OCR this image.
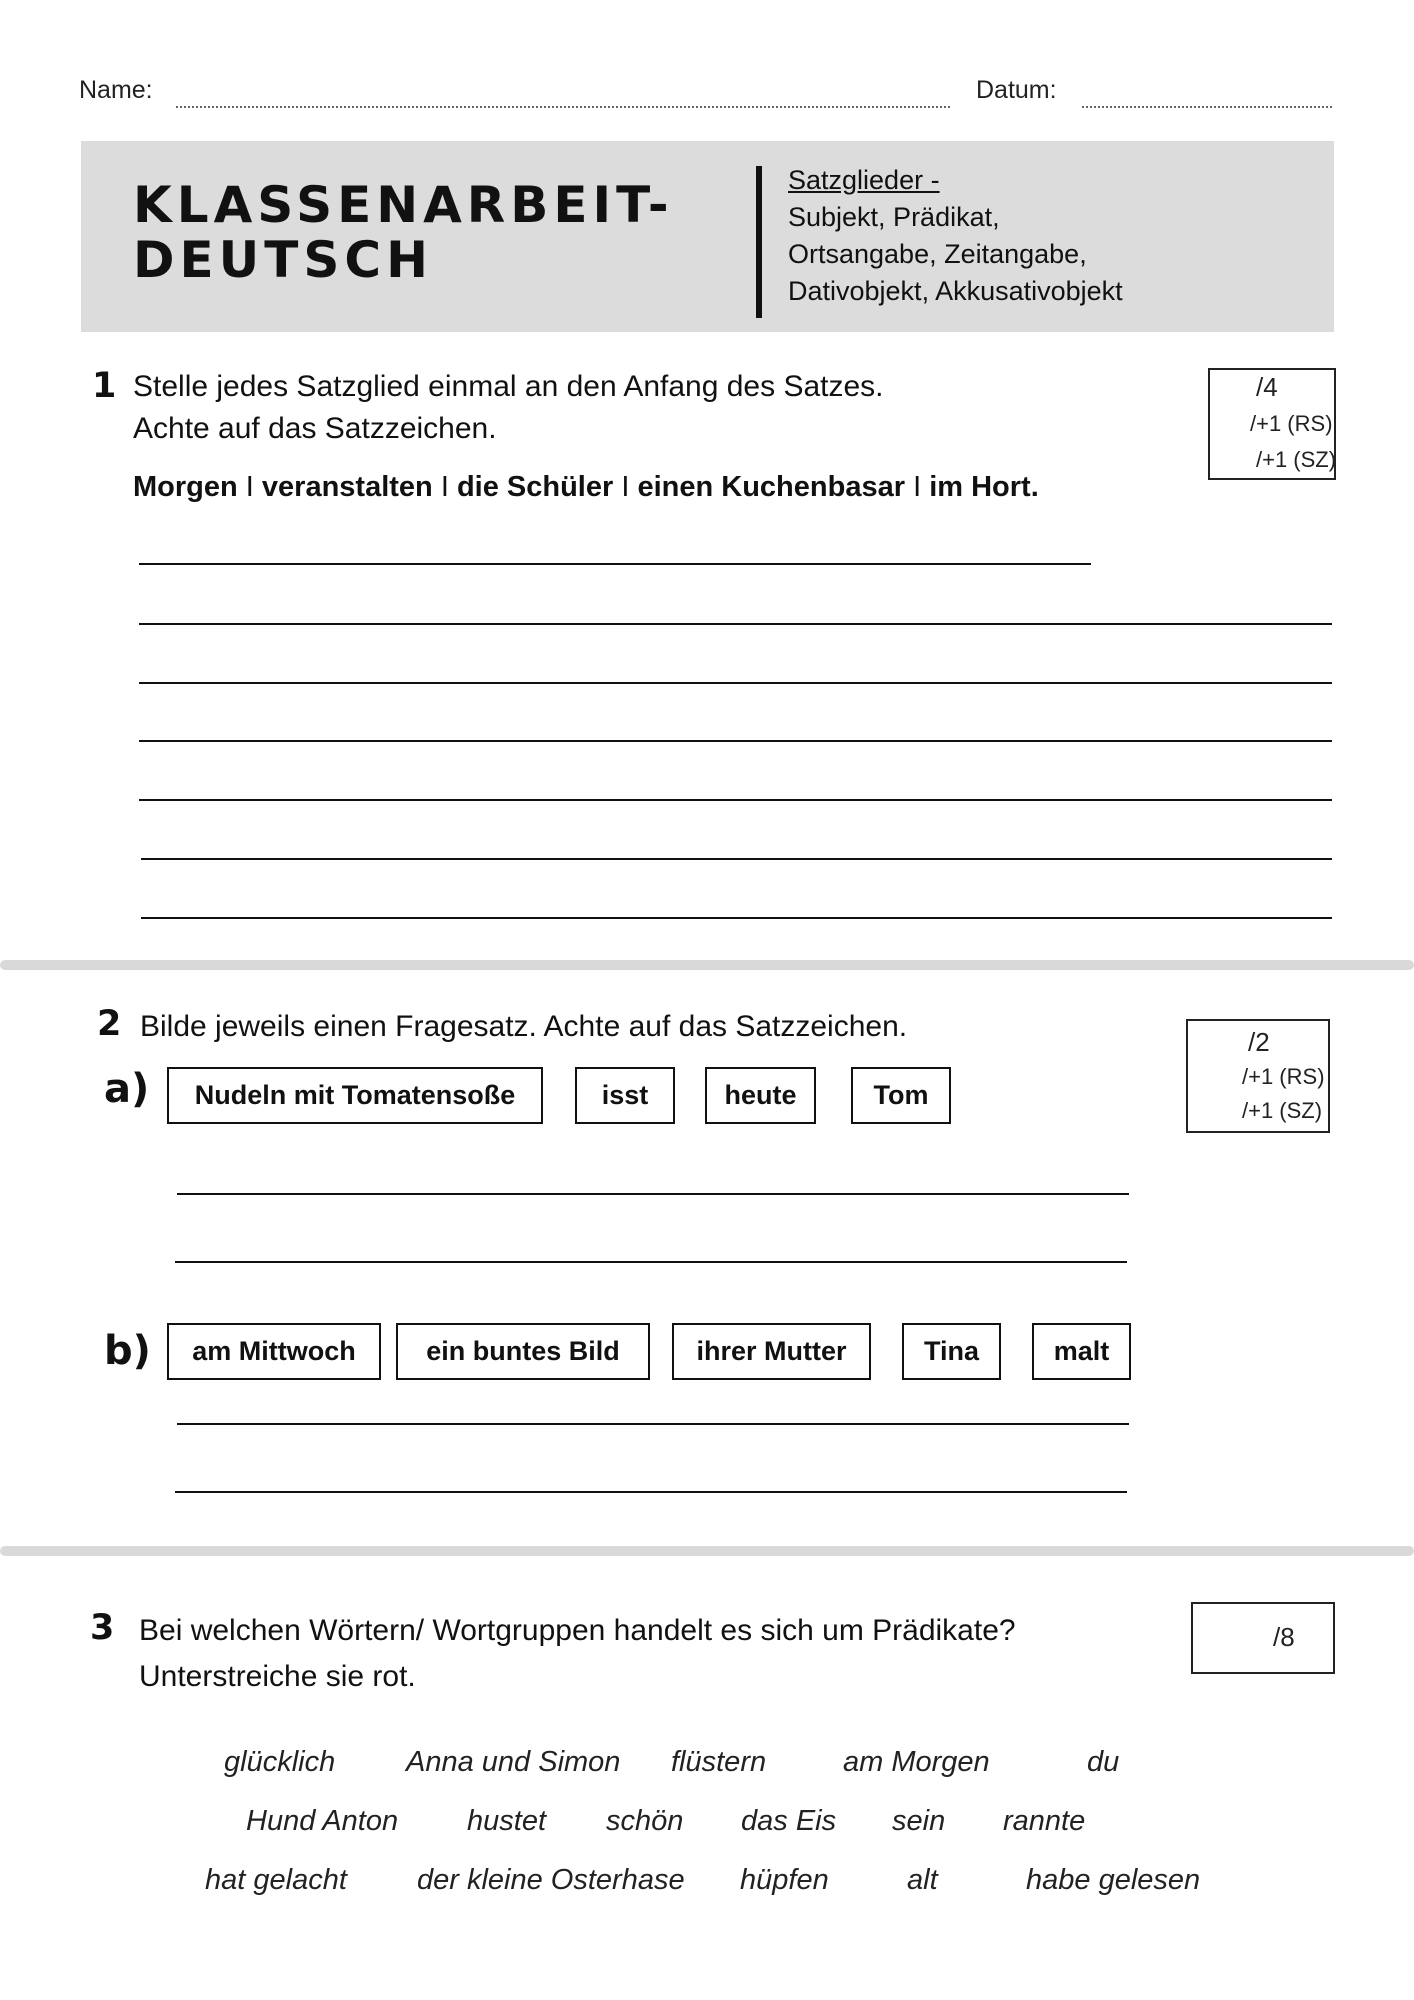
Name:	Datum:
KLASSENARBEIT-
DEUTSCH
Satzglieder -
Subjekt, Prädikat,
Ortsangabe, Zeitangabe,
Dativobjekt, Akkusativobjekt
1 Stelle jedes Satzglied einmal an den Anfang des Satzes.
Achte auf das Satzzeichen.
Morgen I veranstalten I die Schüler I einen Kuchenbasar I im Hort.
/4
/+1 (RS)
/+1 (SZ)
2 Bilde jeweils einen Fragesatz. Achte auf das Satzzeichen.	/2
/+1 (RS)
/+1 (SZ)
a)	Nudeln mit Tomatensoße	isst	heute	Tom
b)	am Mittwoch	ein buntes Bild	ihrer Mutter	Tina	malt
3 Bei welchen Wörtern/ Wortgruppen handelt es sich um Prädikate?
Unterstreiche sie rot.
/8
glücklich Anna und Simon flüstern	am Morgen	du
Hund Anton hustet schön das Eis sein rannte
hat gelacht der kleine Osterhase hüpfen	alt	habe gelesen
